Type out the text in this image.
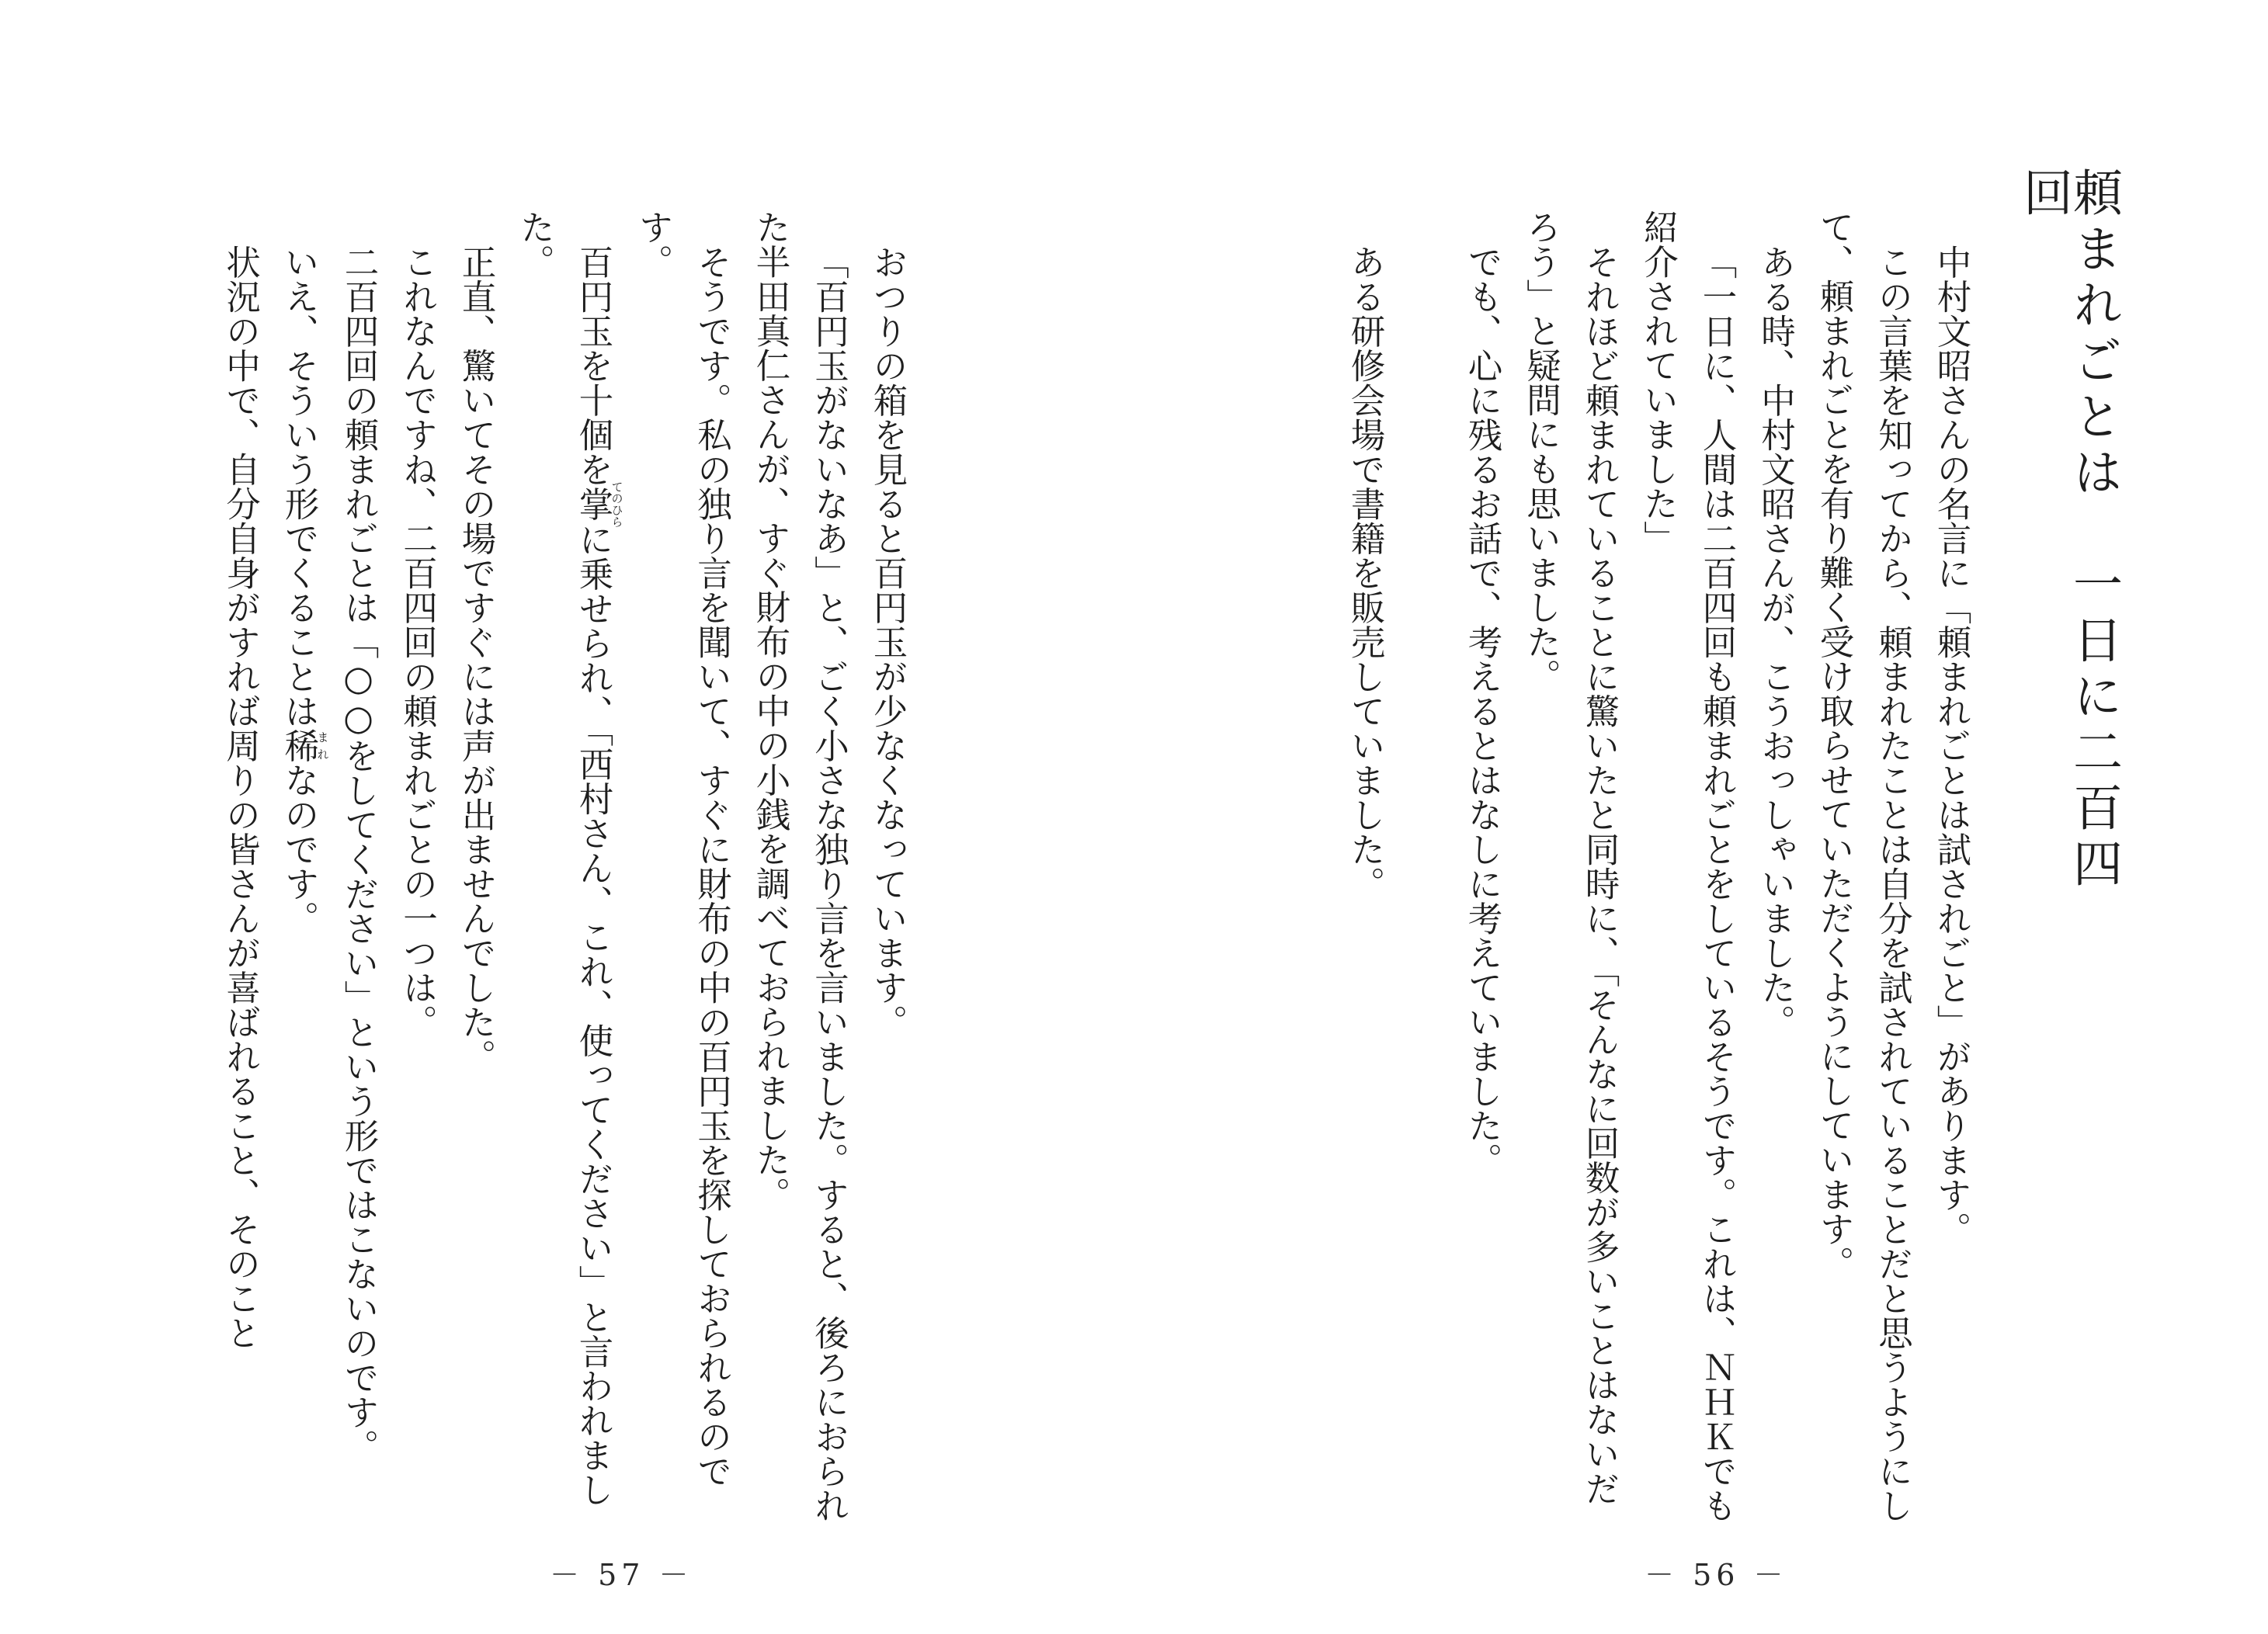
おつりの箱を見ると百円玉が少なくなっています。
「百円玉がないなあ」と、ごく小さな独り言を言いました。すると、後ろにおられた半田真仁さんが、すぐ財布の中の小銭を調べておられました。
そうです。私の独り言を聞いて、すぐに財布の中の百円玉を探しておられるのです。
百円玉を十個を掌てのひらに乗せられ、「西村さん、これ、使ってください」と言われました。
正直、驚いてその場ですぐには声が出ませんでした。
これなんですね、二百四回の頼まれごとの一つは。
二百四回の頼まれごとは「○○をしてください」という形ではこないのです。
いえ、そういう形でくることは稀まれなのです。
状況の中で、自分自身がすれば周りの皆さんが喜ばれること、そのこと
－ 57 －
頼まれごとは　一日に二百四回
中村文昭さんの名言に「頼まれごとは試されごと」があります。
この言葉を知ってから、頼まれたことは自分を試されていることだと思うようにして、頼まれごとを有り難く受け取らせていただくようにしています。
ある時、中村文昭さんが、こうおっしゃいました。
「一日に、人間は二百四回も頼まれごとをしているそうです。これは、ＮＨＫでも紹介されていました」
それほど頼まれていることに驚いたと同時に、「そんなに回数が多いことはないだろう」と疑問にも思いました。
でも、心に残るお話で、考えるとはなしに考えていました。

ある研修会場で書籍を販売していました。
－ 56 －
